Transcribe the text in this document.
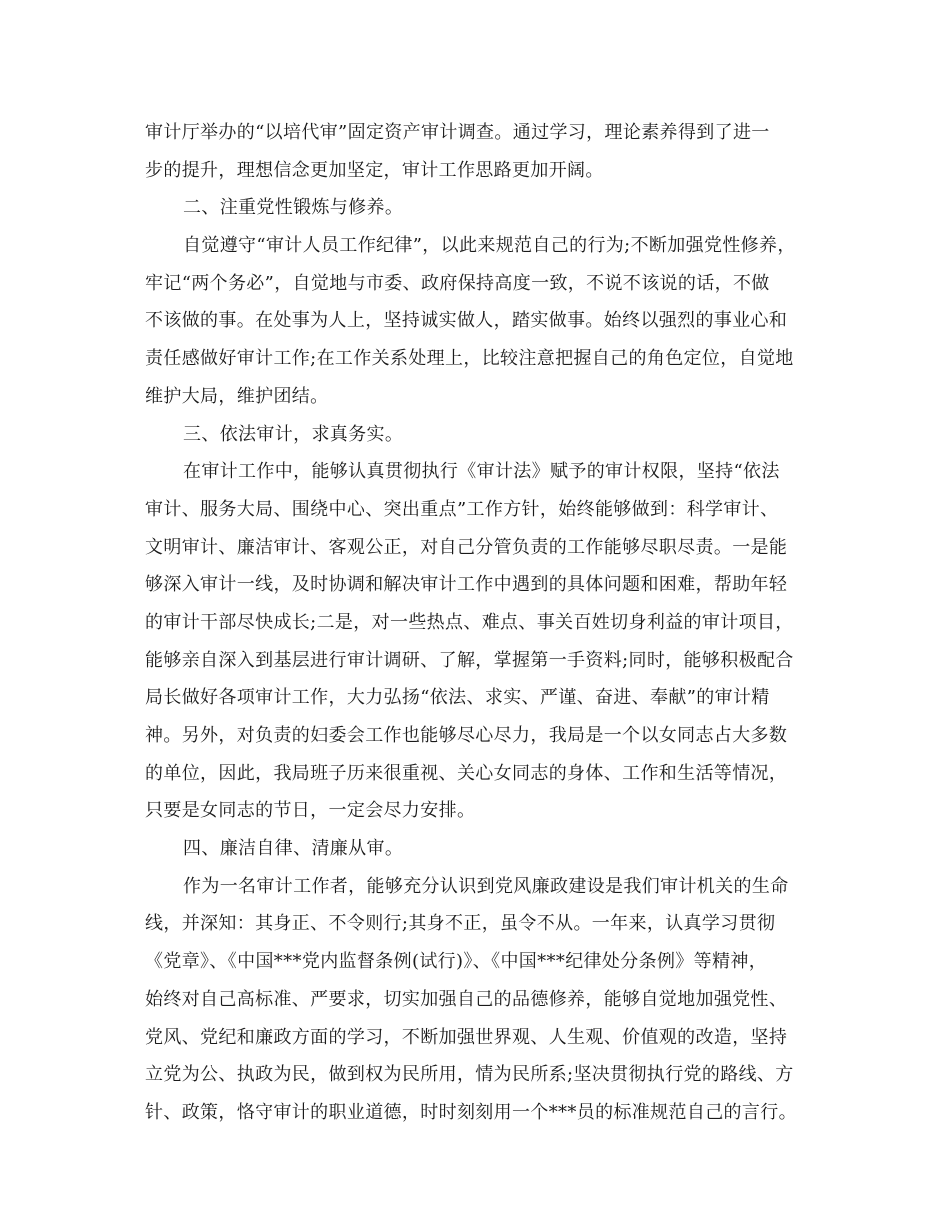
审计厅举办的“以培代审”固定资产审计调查。通过学习，理论素养得到了进一
步的提升，理想信念更加坚定，审计工作思路更加开阔。
二、注重党性锻炼与修养。
自觉遵守“审计人员工作纪律”，以此来规范自己的行为;不断加强党性修养，
牢记“两个务必”，自觉地与市委、政府保持高度一致，不说不该说的话，不做
不该做的事。在处事为人上，坚持诚实做人，踏实做事。始终以强烈的事业心和
责任感做好审计工作;在工作关系处理上，比较注意把握自己的角色定位，自觉地
维护大局，维护团结。
三、依法审计，求真务实。
在审计工作中，能够认真贯彻执行《审计法》赋予的审计权限，坚持“依法
审计、服务大局、围绕中心、突出重点”工作方针，始终能够做到：科学审计、
文明审计、廉洁审计、客观公正，对自己分管负责的工作能够尽职尽责。一是能
够深入审计一线，及时协调和解决审计工作中遇到的具体问题和困难，帮助年轻
的审计干部尽快成长;二是，对一些热点、难点、事关百姓切身利益的审计项目，
能够亲自深入到基层进行审计调研、了解，掌握第一手资料;同时，能够积极配合
局长做好各项审计工作，大力弘扬“依法、求实、严谨、奋进、奉献”的审计精
神。另外，对负责的妇委会工作也能够尽心尽力，我局是一个以女同志占大多数
的单位，因此，我局班子历来很重视、关心女同志的身体、工作和生活等情况，
只要是女同志的节日，一定会尽力安排。
四、廉洁自律、清廉从审。
作为一名审计工作者，能够充分认识到党风廉政建设是我们审计机关的生命
线，并深知：其身正、不令则行;其身不正，虽令不从。一年来，认真学习贯彻
《党章》、《中国***党内监督条例(试行)》、《中国***纪律处分条例》等精神，
始终对自己高标准、严要求，切实加强自己的品德修养，能够自觉地加强党性、
党风、党纪和廉政方面的学习，不断加强世界观、人生观、价值观的改造，坚持
立党为公、执政为民，做到权为民所用，情为民所系;坚决贯彻执行党的路线、方
针、政策，恪守审计的职业道德，时时刻刻用一个***员的标准规范自己的言行。
